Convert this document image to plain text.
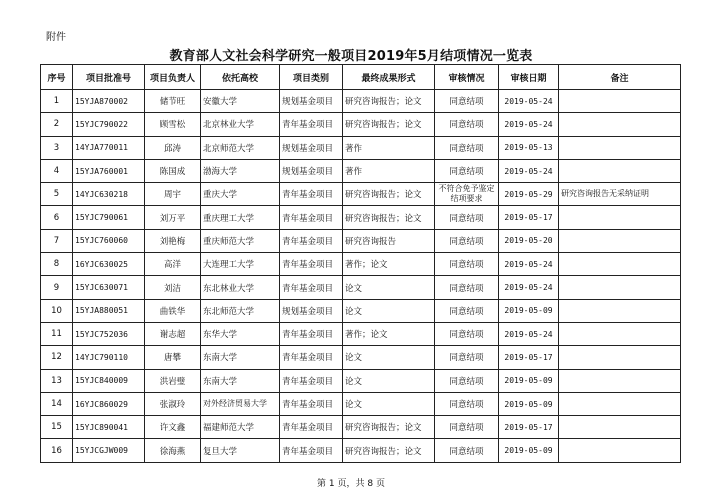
附件
教育部人文社会科学研究一般项目2019年5月结项情况一览表
序号	项目批准号	项目负责人	依托高校	项目类别	最终成果形式	审核情况	审核日期	备注
1	15YJA870002	储节旺	安徽大学	规划基金项目	研究咨询报告；论文	同意结项	2019-05-24	
2	15YJC790022	顾雪松	北京林业大学	青年基金项目	研究咨询报告；论文	同意结项	2019-05-24	
3	14YJA770011	邱涛	北京师范大学	规划基金项目	著作	同意结项	2019-05-13	
4	15YJA760001	陈国成	渤海大学	规划基金项目	著作	同意结项	2019-05-24	
5	14YJC630218	周宇	重庆大学	青年基金项目	研究咨询报告；论文	不符合免予鉴定结项要求	2019-05-29	研究咨询报告无采纳证明
6	15YJC790061	刘万平	重庆理工大学	青年基金项目	研究咨询报告；论文	同意结项	2019-05-17	
7	15YJC760060	刘艳梅	重庆师范大学	青年基金项目	研究咨询报告	同意结项	2019-05-20	
8	16YJC630025	高洋	大连理工大学	青年基金项目	著作；论文	同意结项	2019-05-24	
9	15YJC630071	刘洁	东北林业大学	青年基金项目	论文	同意结项	2019-05-24	
10	15YJA880051	曲铁华	东北师范大学	规划基金项目	论文	同意结项	2019-05-09	
11	15YJC752036	谢志超	东华大学	青年基金项目	著作；论文	同意结项	2019-05-24	
12	14YJC790110	唐攀	东南大学	青年基金项目	论文	同意结项	2019-05-17	
13	15YJC840009	洪岩璧	东南大学	青年基金项目	论文	同意结项	2019-05-09	
14	16YJC860029	张淑玲	对外经济贸易大学	青年基金项目	论文	同意结项	2019-05-09	
15	15YJC890041	许文鑫	福建师范大学	青年基金项目	研究咨询报告；论文	同意结项	2019-05-17	
16	15YJCGJW009	徐海燕	复旦大学	青年基金项目	研究咨询报告；论文	同意结项	2019-05-09	
第 1 页，共 8 页
